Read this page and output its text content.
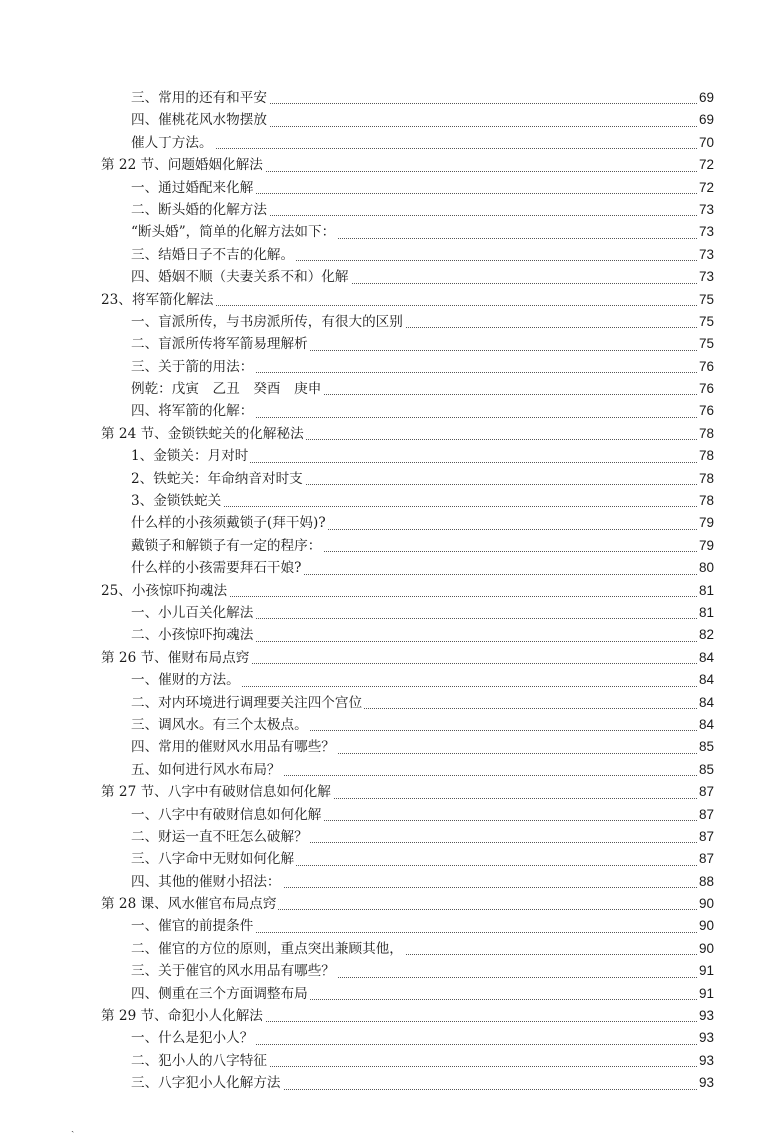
三、常用的还有和平安	69
四、催桃花风水物摆放	69
催人丁方法。	70
第 22 节、问题婚姻化解法	72
一、通过婚配来化解	72
二、断头婚的化解方法	73
“断头婚”，简单的化解方法如下：	73
三、结婚日子不吉的化解。	73
四、婚姻不顺（夫妻关系不和）化解	73
23、将军箭化解法	75
一、盲派所传，与书房派所传，有很大的区别	75
二、盲派所传将军箭易理解析	75
三、关于箭的用法：	76
例乾：戊寅　乙丑　癸酉　庚申	76
四、将军箭的化解：	76
第 24 节、金锁铁蛇关的化解秘法	78
1、金锁关：月对时	78
2、铁蛇关：年命纳音对时支	78
3、金锁铁蛇关	78
什么样的小孩须戴锁子(拜干妈)?	79
戴锁子和解锁子有一定的程序：	79
什么样的小孩需要拜石干娘?	80
25、小孩惊吓拘魂法	81
一、小儿百关化解法	81
二、小孩惊吓拘魂法	82
第 26 节、催财布局点窍	84
一、催财的方法。	84
二、对内环境进行调理要关注四个宫位	84
三、调风水。有三个太极点。	84
四、常用的催财风水用品有哪些？	85
五、如何进行风水布局？	85
第 27 节、八字中有破财信息如何化解	87
一、八字中有破财信息如何化解	87
二、财运一直不旺怎么破解？	87
三、八字命中无财如何化解	87
四、其他的催财小招法：	88
第 28 课、风水催官布局点窍	90
一、催官的前提条件	90
二、催官的方位的原则，重点突出兼顾其他，	90
三、关于催官的风水用品有哪些？	91
四、侧重在三个方面调整布局	91
第 29 节、命犯小人化解法	93
一、什么是犯小人？	93
二、犯小人的八字特征	93
三、八字犯小人化解方法	93
ˎ
